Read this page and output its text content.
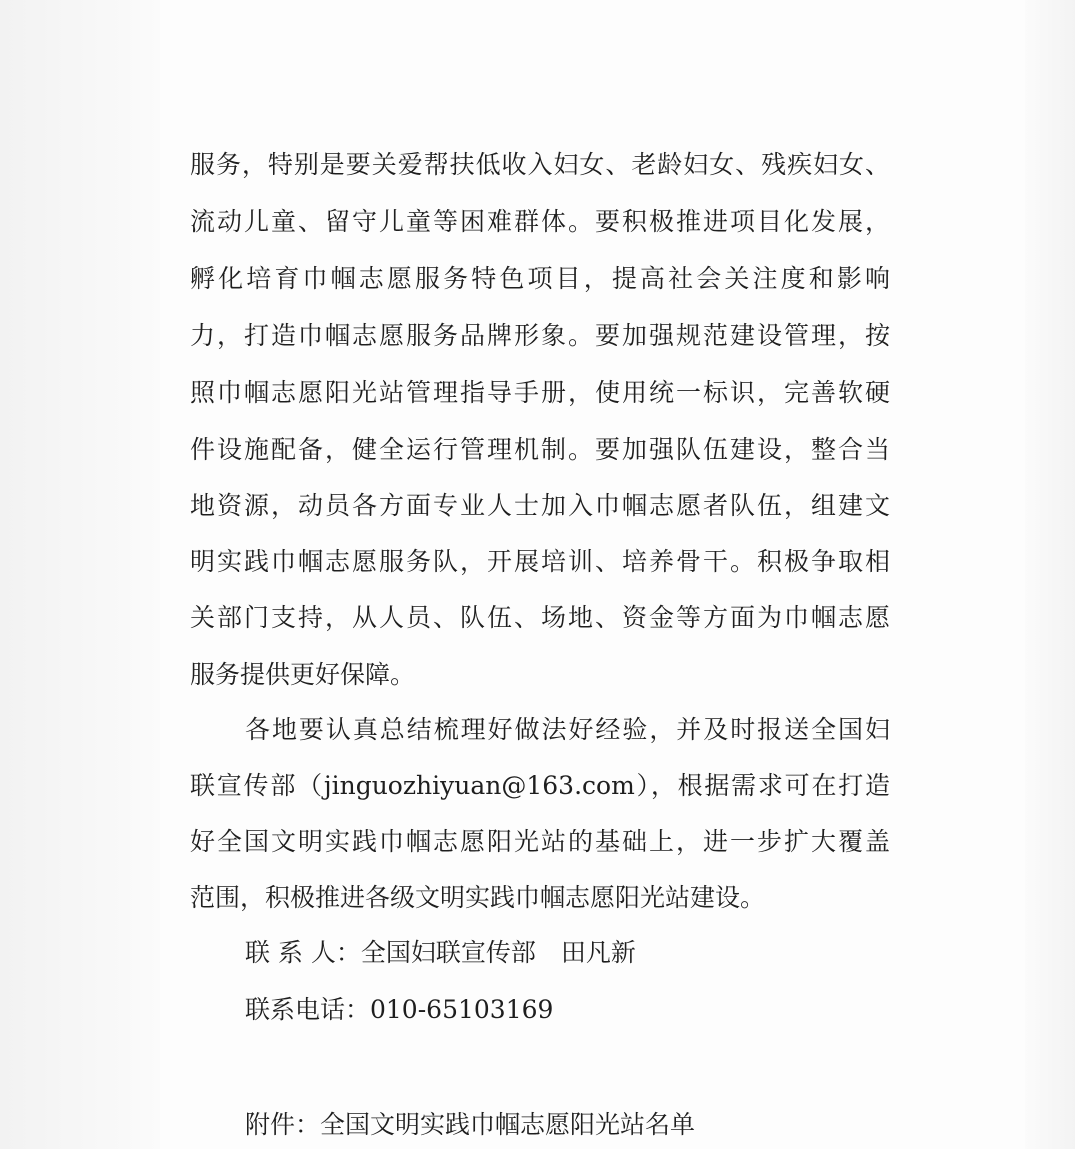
服务，特别是要关爱帮扶低收入妇女、老龄妇女、残疾妇女、
流动儿童、留守儿童等困难群体。要积极推进项目化发展，
孵化培育巾帼志愿服务特色项目，提高社会关注度和影响
力，打造巾帼志愿服务品牌形象。要加强规范建设管理，按
照巾帼志愿阳光站管理指导手册，使用统一标识，完善软硬
件设施配备，健全运行管理机制。要加强队伍建设，整合当
地资源，动员各方面专业人士加入巾帼志愿者队伍，组建文
明实践巾帼志愿服务队，开展培训、培养骨干。积极争取相
关部门支持，从人员、队伍、场地、资金等方面为巾帼志愿
服务提供更好保障。
各地要认真总结梳理好做法好经验，并及时报送全国妇
联宣传部（jinguozhiyuan@163.com），根据需求可在打造
好全国文明实践巾帼志愿阳光站的基础上，进一步扩大覆盖
范围，积极推进各级文明实践巾帼志愿阳光站建设。
联 系 人：全国妇联宣传部　田凡新
联系电话：010-65103169
附件：全国文明实践巾帼志愿阳光站名单
